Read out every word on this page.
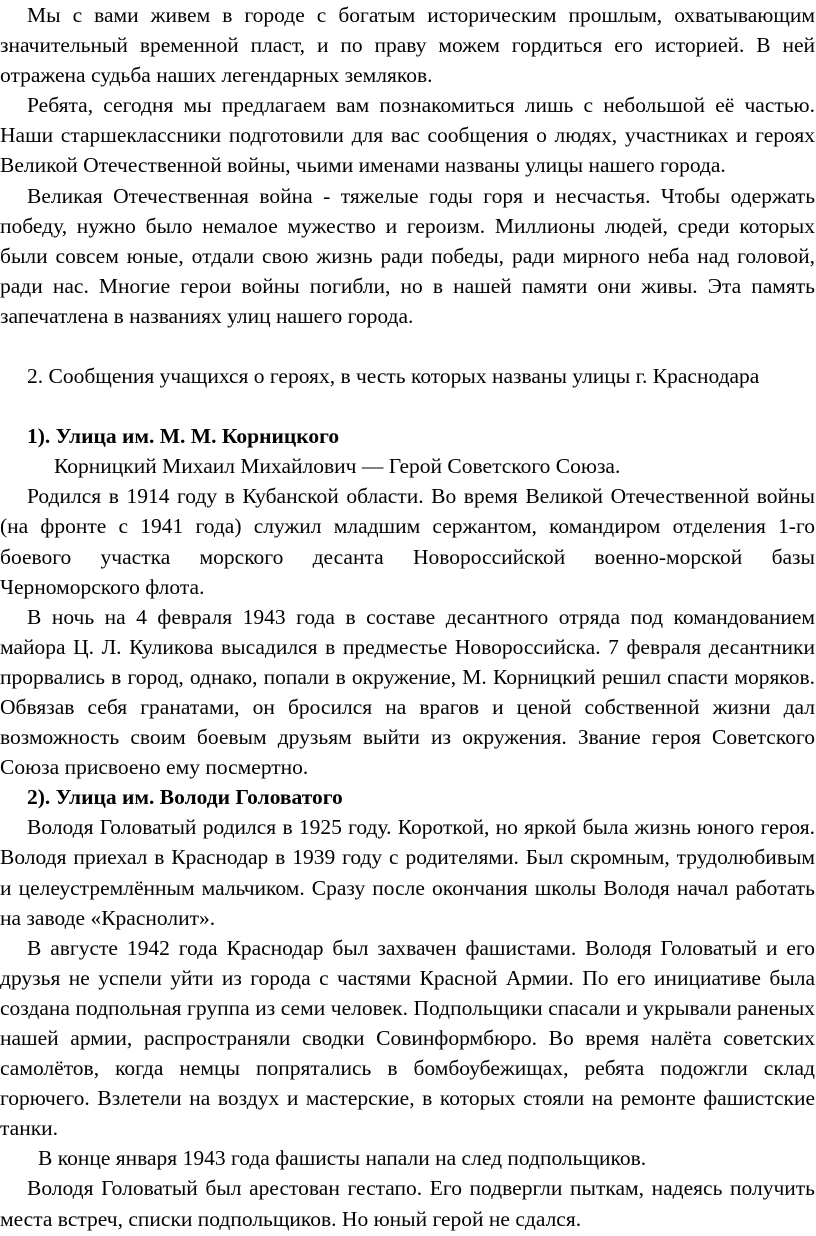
Мы с вами живем в городе с богатым историческим прошлым, охватывающим значительный временной пласт, и по праву можем гордиться его историей. В ней отражена судьба наших легендарных земляков.

Ребята, сегодня мы предлагаем вам познакомиться лишь с небольшой её частью. Наши старшеклассники подготовили для вас сообщения о людях, участниках и героях Великой Отечественной войны, чьими именами названы улицы нашего города.

Великая Отечественная война - тяжелые годы горя и несчастья. Чтобы одержать победу, нужно было немалое мужество и героизм. Миллионы людей, среди которых были совсем юные, отдали свою жизнь ради победы, ради мирного неба над головой, ради нас. Многие герои войны погибли, но в нашей памяти они живы. Эта память запечатлена в названиях улиц нашего города.

2. Сообщения учащихся о героях, в честь которых названы улицы г. Краснодара

1). Улица им. М. М. Корницкого

Корницкий Михаил Михайлович — Герой Советского Союза.

Родился в 1914 году в Кубанской области. Во время Великой Отечественной войны (на фронте с 1941 года) служил младшим сержантом, командиром отделения 1-го боевого участка морского десанта Новороссийской военно-морской базы Черноморского флота.

В ночь на 4 февраля 1943 года в составе десантного отряда под командованием майора Ц. Л. Куликова высадился в предместье Новороссийска. 7 февраля десантники прорвались в город, однако, попали в окружение, М. Корницкий решил спасти моряков. Обвязав себя гранатами, он бросился на врагов и ценой собственной жизни дал возможность своим боевым друзьям выйти из окружения. Звание героя Советского Союза присвоено ему посмертно.

2). Улица им. Володи Головатого

Володя Головатый родился в 1925 году. Короткой, но яркой была жизнь юного героя. Володя приехал в Краснодар в 1939 году с родителями. Был скромным, трудолюбивым и целеустремлённым мальчиком. Сразу после окончания школы Володя начал работать на заводе «Краснолит».

В августе 1942 года Краснодар был захвачен фашистами. Володя Головатый и его друзья не успели уйти из города с частями Красной Армии. По его инициативе была создана подпольная группа из семи человек. Подпольщики спасали и укрывали раненых нашей армии, распространяли сводки Совинформбюро. Во время налёта советских самолётов, когда немцы попрятались в бомбоубежищах, ребята подожгли склад горючего. Взлетели на воздух и мастерские, в которых стояли на ремонте фашистские танки.

В конце января 1943 года фашисты напали на след подпольщиков.

Володя Головатый был арестован гестапо. Его подвергли пыткам, надеясь получить места встреч, списки подпольщиков. Но юный герой не сдался.
